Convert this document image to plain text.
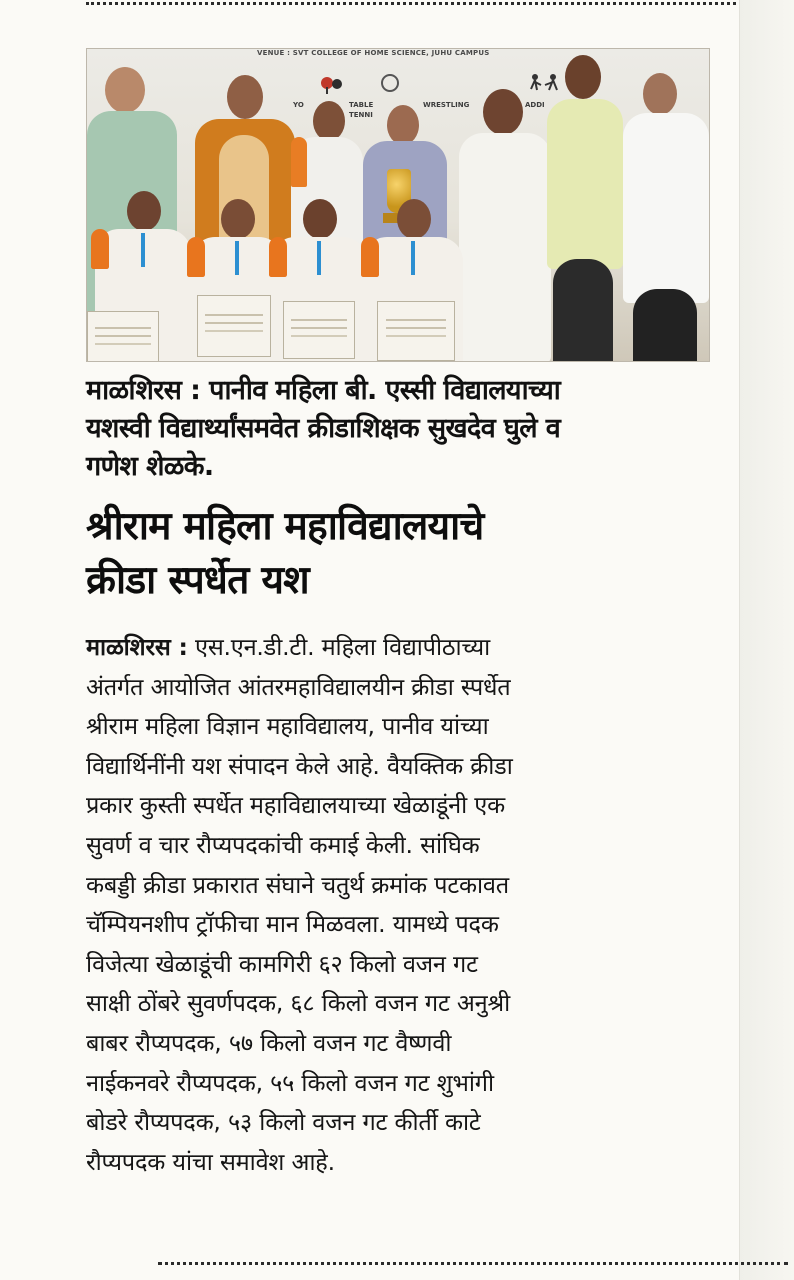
VENUE : SVT COLLEGE OF HOME SCIENCE, JUHU CAMPUS
YO	TABLE
TENNI
WRESTLING	ADDI
माळशिरस : पानीव महिला बी. एस्सी विद्यालयाच्या
यशस्वी विद्यार्थ्यांसमवेत क्रीडाशिक्षक सुखदेव घुले व
गणेश शेळके.
श्रीराम महिला महाविद्यालयाचे
क्रीडा स्पर्धेत यश
माळशिरस : एस.एन.डी.टी. महिला विद्यापीठाच्या
अंतर्गत आयोजित आंतरमहाविद्यालयीन क्रीडा स्पर्धेत
श्रीराम महिला विज्ञान महाविद्यालय, पानीव यांच्या
विद्यार्थिनींनी यश संपादन केले आहे. वैयक्तिक क्रीडा
प्रकार कुस्ती स्पर्धेत महाविद्यालयाच्या खेळाडूंनी एक
सुवर्ण व चार रौप्यपदकांची कमाई केली. सांघिक
कबड्डी क्रीडा प्रकारात संघाने चतुर्थ क्रमांक पटकावत
चॅम्पियनशीप ट्रॉफीचा मान मिळवला. यामध्ये पदक
विजेत्या खेळाडूंची कामगिरी ६२ किलो वजन गट
साक्षी ठोंबरे सुवर्णपदक, ६८ किलो वजन गट अनुश्री
बाबर रौप्यपदक, ५७ किलो वजन गट वैष्णवी
नाईकनवरे रौप्यपदक, ५५ किलो वजन गट शुभांगी
बोडरे रौप्यपदक, ५३ किलो वजन गट कीर्ती काटे
रौप्यपदक यांचा समावेश आहे.
